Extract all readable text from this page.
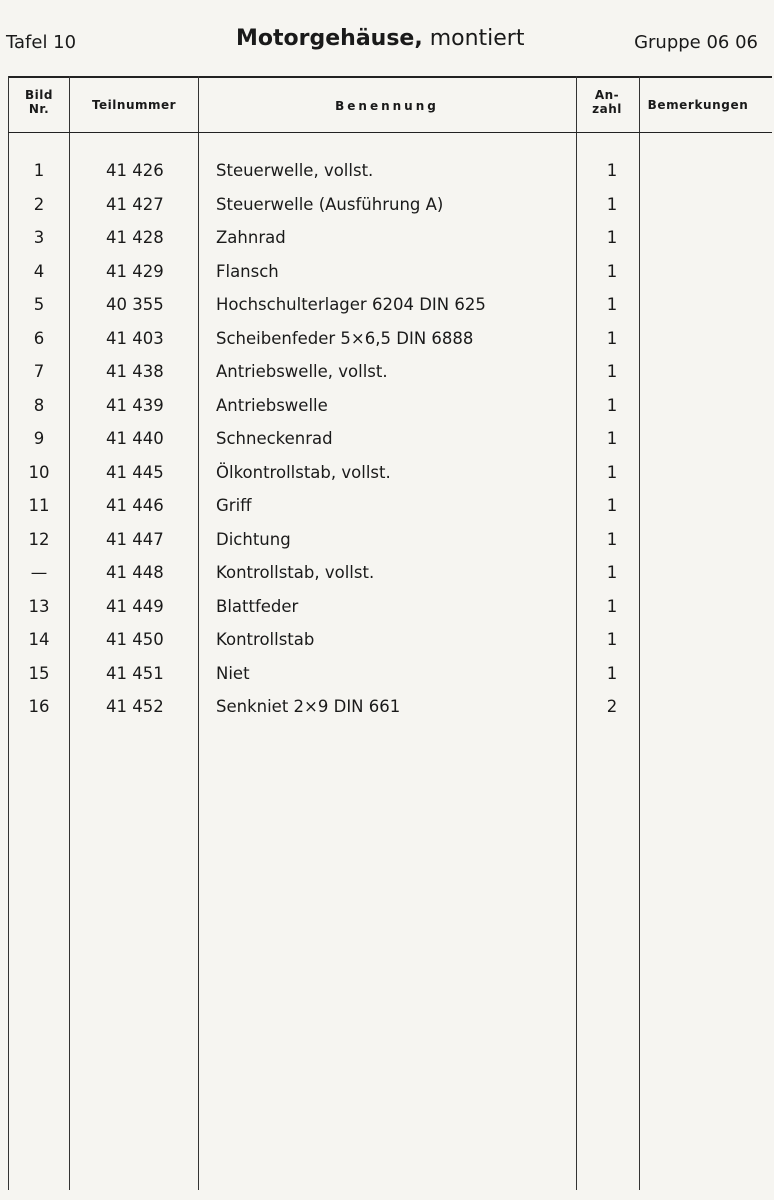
Tafel 10	Motorgehäuse, montiert	Gruppe 06 06
Bild
Nr.	Teilnummer	Benennung
An-
zahl	Bemerkungen
1	41 426	Steuerwelle, vollst.	1
2	41 427	Steuerwelle (Ausführung A)	1
3	41 428	Zahnrad	1
4	41 429	Flansch	1
5	40 355	Hochschulterlager 6204 DIN 625	1
6	41 403	Scheibenfeder 5×6,5 DIN 6888	1
7	41 438	Antriebswelle, vollst.	1
8	41 439	Antriebswelle	1
9	41 440	Schneckenrad	1
10	41 445	Ölkontrollstab, vollst.	1
11	41 446	Griff	1
12	41 447	Dichtung	1
—	41 448	Kontrollstab, vollst.	1
13	41 449	Blattfeder	1
14	41 450	Kontrollstab	1
15	41 451	Niet	1
16	41 452	Senkniet 2×9 DIN 661	2
